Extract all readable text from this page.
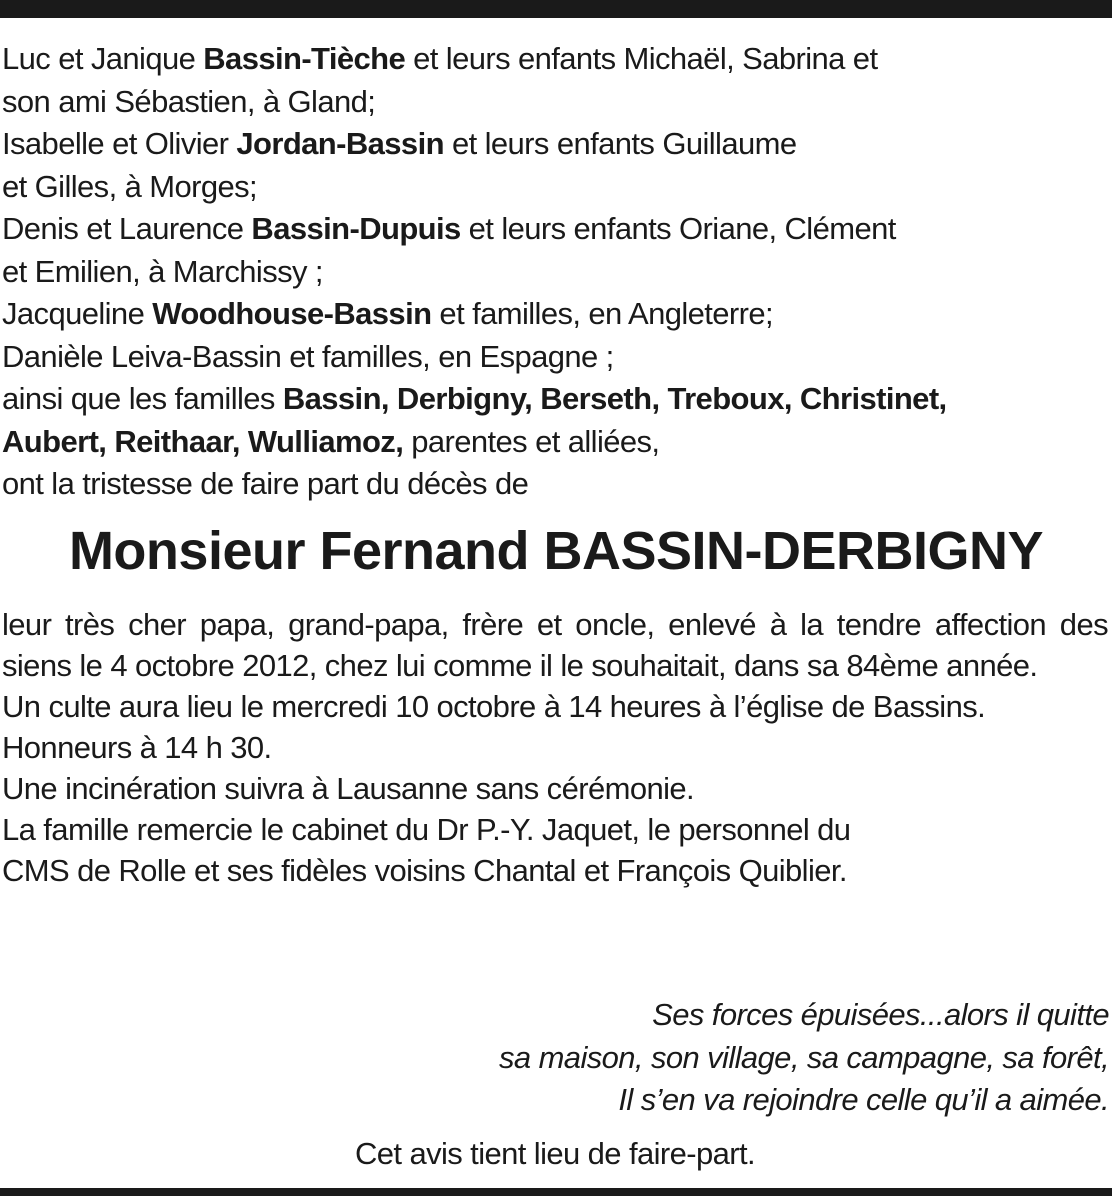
Luc et Janique Bassin-Tièche et leurs enfants Michaël, Sabrina et

son ami Sébastien, à Gland;

Isabelle et Olivier Jordan-Bassin et leurs enfants Guillaume

et Gilles, à Morges;

Denis et Laurence Bassin-Dupuis et leurs enfants Oriane, Clément

et Emilien, à Marchissy ;

Jacqueline Woodhouse-Bassin et familles, en Angleterre;

Danièle Leiva-Bassin et familles, en Espagne ;

ainsi que les familles Bassin, Derbigny, Berseth, Treboux, Christinet,

Aubert, Reithaar, Wulliamoz, parentes et alliées,

ont la tristesse de faire part du décès de

Monsieur Fernand BASSIN-DERBIGNY

leur très cher papa, grand-papa, frère et oncle, enlevé à la tendre affection des siens le 4 octobre 2012, chez lui comme il le souhaitait, dans sa 84ème année.

Un culte aura lieu le mercredi 10 octobre à 14 heures à l’église de Bassins.

Honneurs à 14 h 30.

Une incinération suivra à Lausanne sans cérémonie.

La famille remercie le cabinet du Dr P.-Y. Jaquet, le personnel du

CMS de Rolle et ses fidèles voisins Chantal et François Quiblier.

Ses forces épuisées...alors il quitte

sa maison, son village, sa campagne, sa forêt,

Il s’en va rejoindre celle qu’il a aimée.

Cet avis tient lieu de faire-part.
